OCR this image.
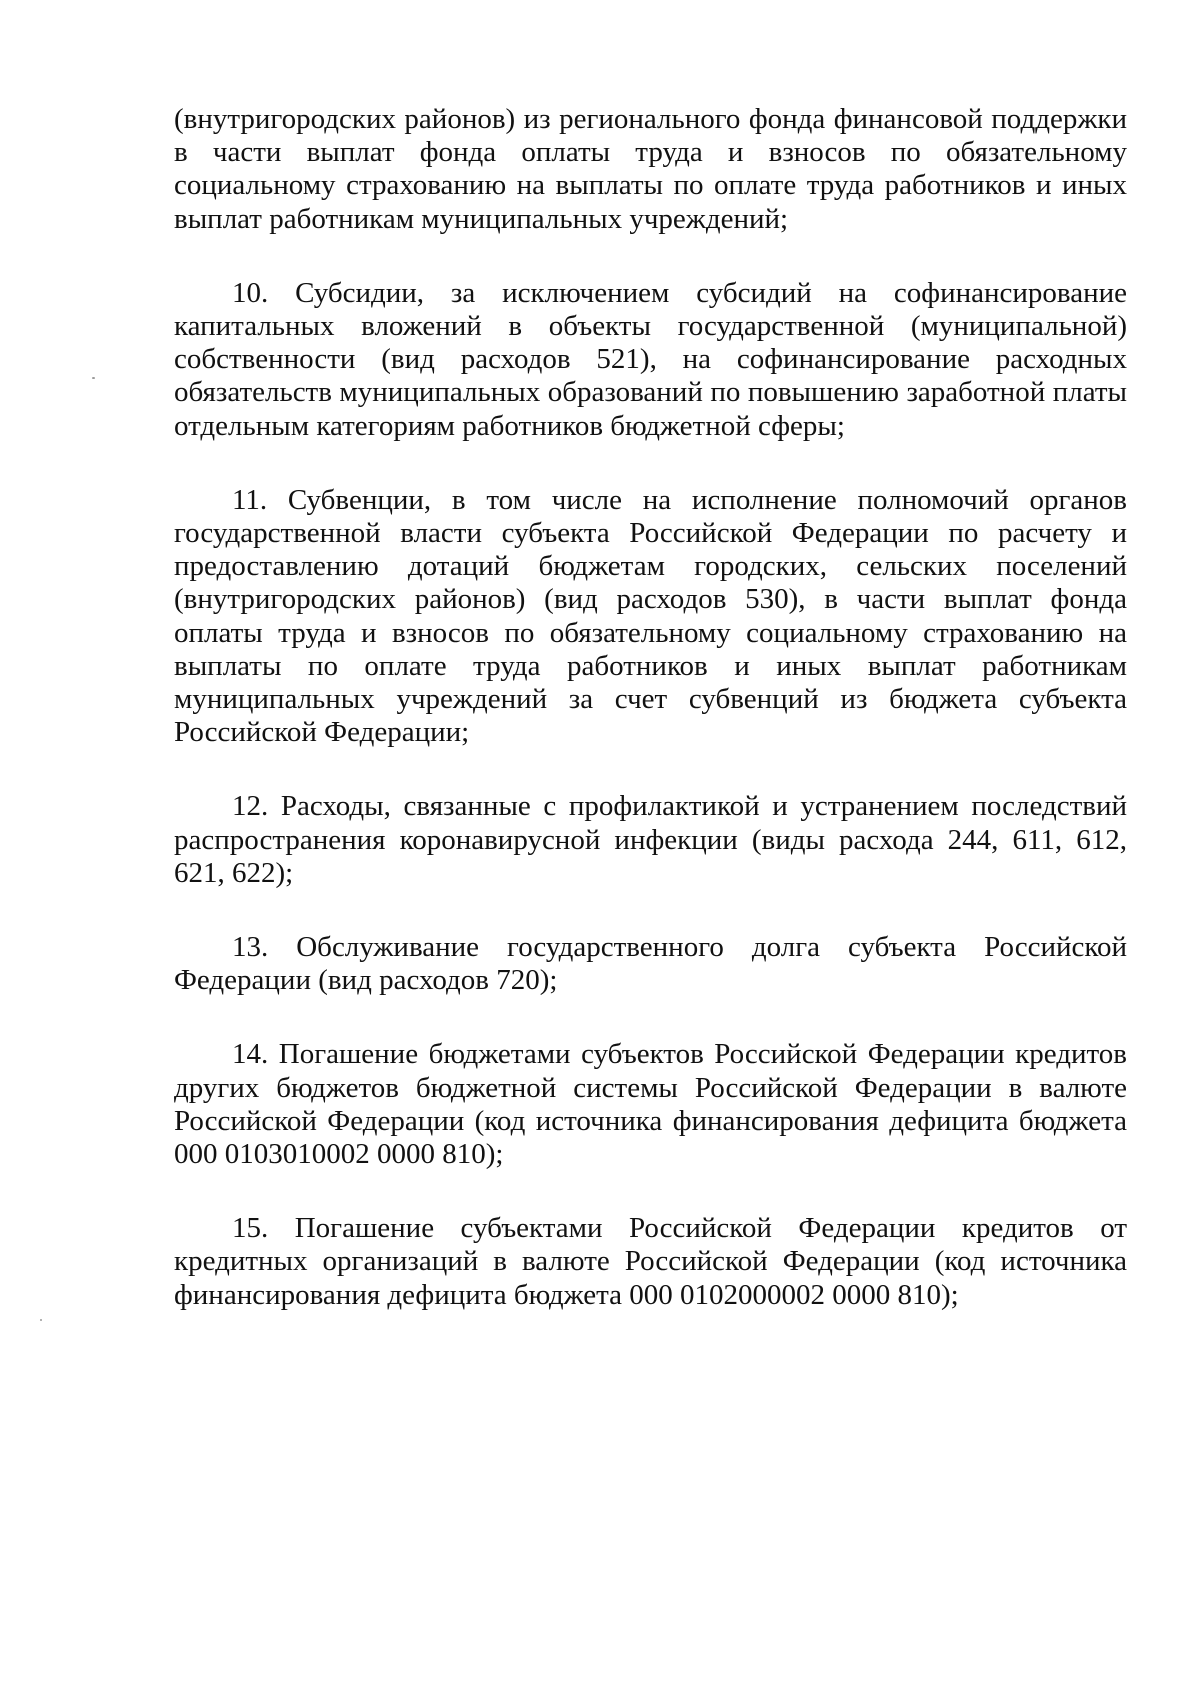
(внутригородских районов) из регионального фонда финансовой поддержки в части выплат фонда оплаты труда и взносов по обязательному социальному страхованию на выплаты по оплате труда работников и иных выплат работникам муниципальных учреждений;

10. Субсидии, за исключением субсидий на софинансирование капитальных вложений в объекты государственной (муниципальной) собственности (вид расходов 521), на софинансирование расходных обязательств муниципальных образований по повышению заработной платы отдельным категориям работников бюджетной сферы;

11. Субвенции, в том числе на исполнение полномочий органов государственной власти субъекта Российской Федерации по расчету и предоставлению дотаций бюджетам городских, сельских поселений (внутригородских районов) (вид расходов 530), в части выплат фонда оплаты труда и взносов по обязательному социальному страхованию на выплаты по оплате труда работников и иных выплат работникам муниципальных учреждений за счет субвенций из бюджета субъекта Российской Федерации;

12. Расходы, связанные с профилактикой и устранением последствий распространения коронавирусной инфекции (виды расхода 244, 611, 612, 621, 622);

13. Обслуживание государственного долга субъекта Российской Федерации (вид расходов 720);

14. Погашение бюджетами субъектов Российской Федерации кредитов других бюджетов бюджетной системы Российской Федерации в валюте Российской Федерации (код источника финансирования дефицита бюджета 000 0103010002 0000 810);

15. Погашение субъектами Российской Федерации кредитов от кредитных организаций в валюте Российской Федерации (код источника финансирования дефицита бюджета 000 0102000002 0000 810);
